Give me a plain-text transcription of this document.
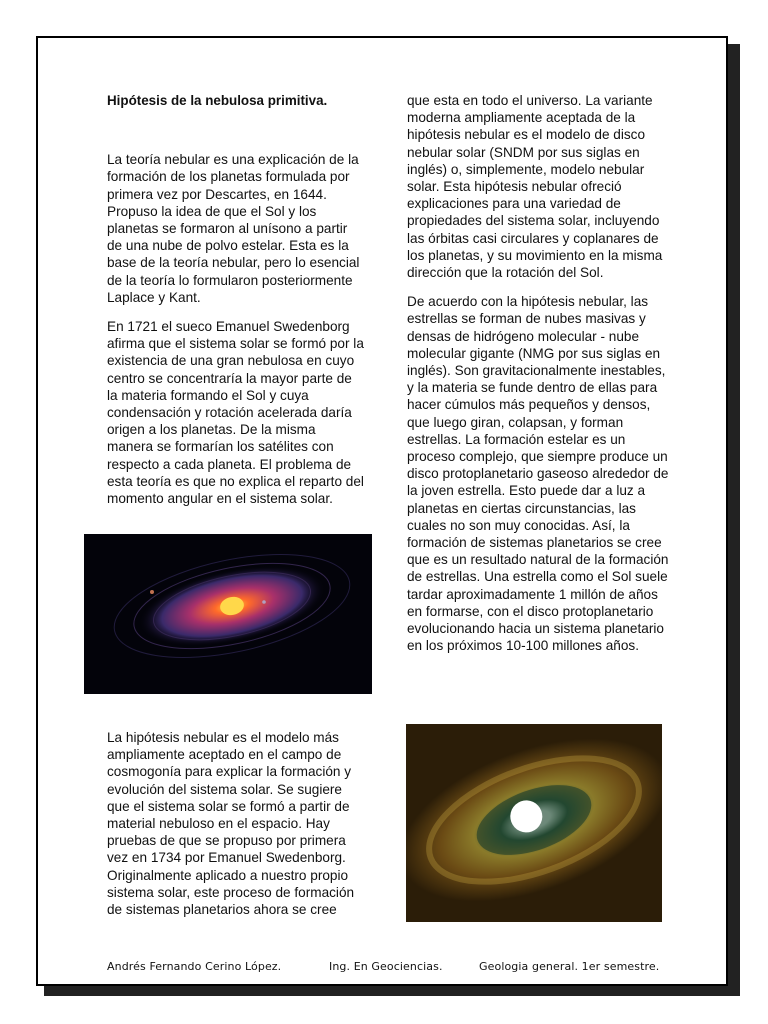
Hipótesis de la nebulosa primitiva.

La teoría nebular es una explicación de la formación de los planetas formulada por primera vez por Descartes, en 1644. Propuso la idea de que el Sol y los planetas se formaron al unísono a partir de una nube de polvo estelar. Esta es la base de la teoría nebular, pero lo esencial de la teoría lo formularon posteriormente Laplace y Kant.

En 1721 el sueco Emanuel Swedenborg afirma que el sistema solar se formó por la existencia de una gran nebulosa en cuyo centro se concentraría la mayor parte de la materia formando el Sol y cuya condensación y rotación acelerada daría origen a los planetas. De la misma manera se formarían los satélites con respecto a cada planeta. El problema de esta teoría es que no explica el reparto del momento angular en el sistema solar.

La hipótesis nebular es el modelo más ampliamente aceptado en el campo de cosmogonía para explicar la formación y evolución del sistema solar. Se sugiere que el sistema solar se formó a partir de material nebuloso en el espacio. Hay pruebas de que se propuso por primera vez en 1734 por Emanuel Swedenborg. Originalmente aplicado a nuestro propio sistema solar, este proceso de formación de sistemas planetarios ahora se cree

que esta en todo el universo. La variante moderna ampliamente aceptada de la hipótesis nebular es el modelo de disco nebular solar (SNDM por sus siglas en inglés) o, simplemente, modelo nebular solar. Esta hipótesis nebular ofreció explicaciones para una variedad de propiedades del sistema solar, incluyendo las órbitas casi circulares y coplanares de los planetas, y su movimiento en la misma dirección que la rotación del Sol.

De acuerdo con la hipótesis nebular, las estrellas se forman de nubes masivas y densas de hidrógeno molecular - nube molecular gigante (NMG por sus siglas en inglés). Son gravitacionalmente inestables, y la materia se funde dentro de ellas para hacer cúmulos más pequeños y densos, que luego giran, colapsan, y forman estrellas. La formación estelar es un proceso complejo, que siempre produce un disco protoplanetario gaseoso alrededor de la joven estrella. Esto puede dar a luz a planetas en ciertas circunstancias, las cuales no son muy conocidas. Así, la formación de sistemas planetarios se cree que es un resultado natural de la formación de estrellas. Una estrella como el Sol suele tardar aproximadamente 1 millón de años en formarse, con el disco protoplanetario evolucionando hacia un sistema planetario en los próximos 10-100 millones años.

Andrés Fernando Cerino López.	Ing. En Geociencias.	Geologia general. 1er semestre.
